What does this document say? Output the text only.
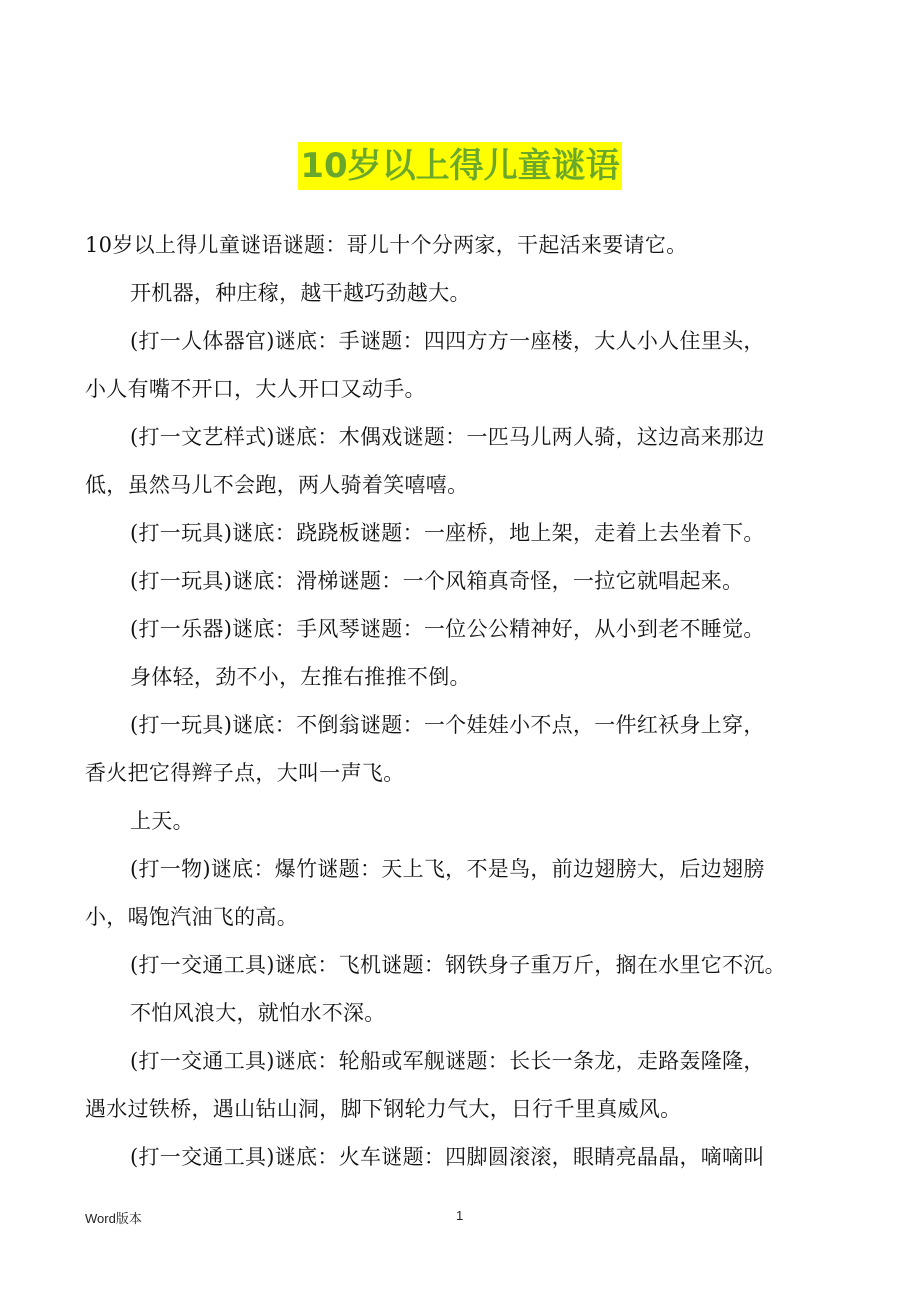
10岁以上得儿童谜语
10岁以上得儿童谜语谜题：哥儿十个分两家，干起活来要请它。
开机器，种庄稼，越干越巧劲越大。
(打一人体器官)谜底：手谜题：四四方方一座楼，大人小人住里头，
小人有嘴不开口，大人开口又动手。
(打一文艺样式)谜底：木偶戏谜题：一匹马儿两人骑，这边高来那边
低，虽然马儿不会跑，两人骑着笑嘻嘻。
(打一玩具)谜底：跷跷板谜题：一座桥，地上架，走着上去坐着下。
(打一玩具)谜底：滑梯谜题：一个风箱真奇怪，一拉它就唱起来。
(打一乐器)谜底：手风琴谜题：一位公公精神好，从小到老不睡觉。
身体轻，劲不小，左推右推推不倒。
(打一玩具)谜底：不倒翁谜题：一个娃娃小不点，一件红袄身上穿，
香火把它得辫子点，大叫一声飞。
上天。
(打一物)谜底：爆竹谜题：天上飞，不是鸟，前边翅膀大，后边翅膀
小，喝饱汽油飞的高。
(打一交通工具)谜底：飞机谜题：钢铁身子重万斤，搁在水里它不沉。
不怕风浪大，就怕水不深。
(打一交通工具)谜底：轮船或军舰谜题：长长一条龙，走路轰隆隆，
遇水过铁桥，遇山钻山洞，脚下钢轮力气大，日行千里真威风。
(打一交通工具)谜底：火车谜题：四脚圆滚滚，眼睛亮晶晶，嘀嘀叫
Word版本	1
